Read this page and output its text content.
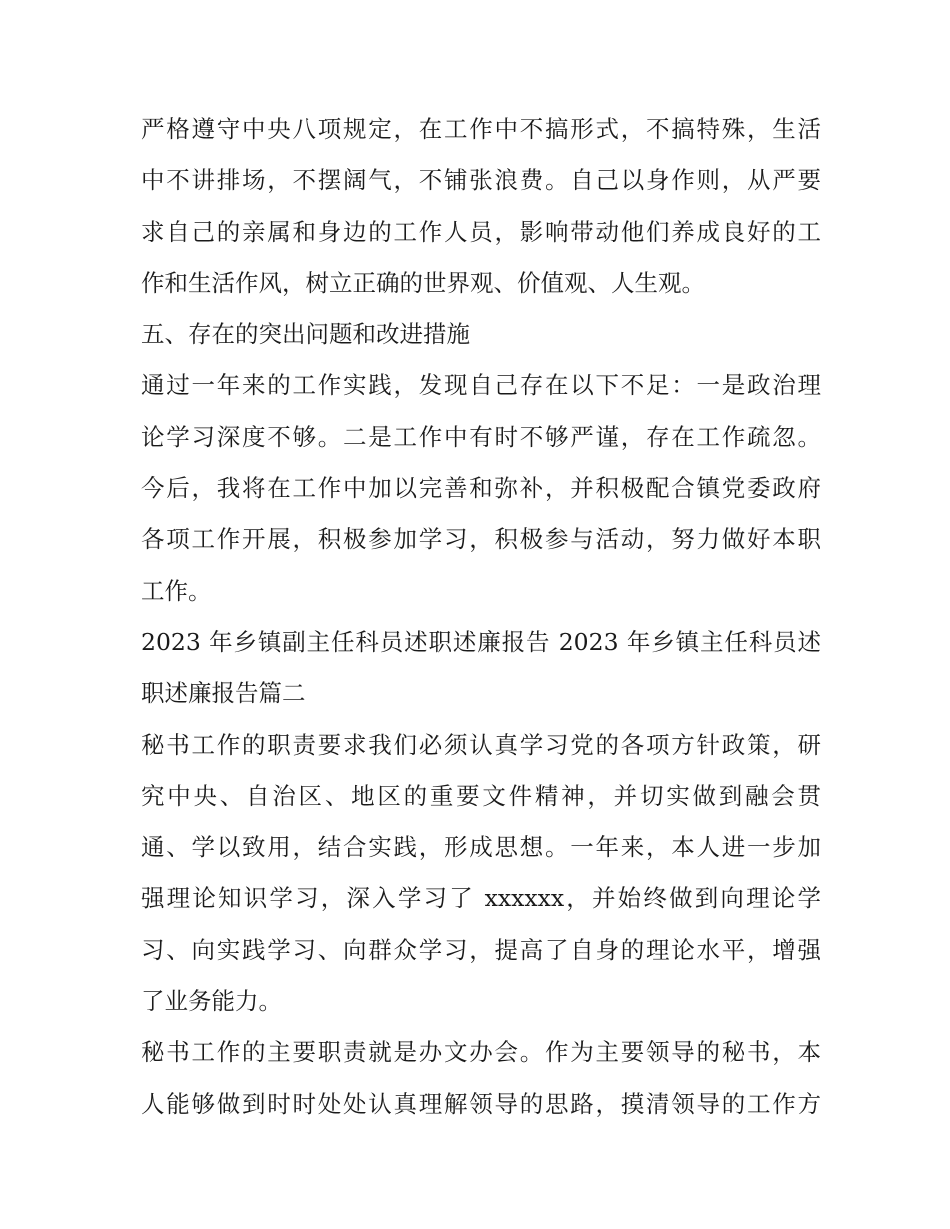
严格遵守中央八项规定，在工作中不搞形式，不搞特殊，生活
中不讲排场，不摆阔气，不铺张浪费。自己以身作则，从严要
求自己的亲属和身边的工作人员，影响带动他们养成良好的工
作和生活作风，树立正确的世界观、价值观、人生观。
五、存在的突出问题和改进措施
通过一年来的工作实践，发现自己存在以下不足：一是政治理
论学习深度不够。二是工作中有时不够严谨，存在工作疏忽。
今后，我将在工作中加以完善和弥补，并积极配合镇党委政府
各项工作开展，积极参加学习，积极参与活动，努力做好本职
工作。
2023 年乡镇副主任科员述职述廉报告 2023 年乡镇主任科员述
职述廉报告篇二
秘书工作的职责要求我们必须认真学习党的各项方针政策，研
究中央、自治区、地区的重要文件精神，并切实做到融会贯
通、学以致用，结合实践，形成思想。一年来，本人进一步加
强理论知识学习，深入学习了 xxxxxx，并始终做到向理论学
习、向实践学习、向群众学习，提高了自身的理论水平，增强
了业务能力。
秘书工作的主要职责就是办文办会。作为主要领导的秘书，本
人能够做到时时处处认真理解领导的思路，摸清领导的工作方
